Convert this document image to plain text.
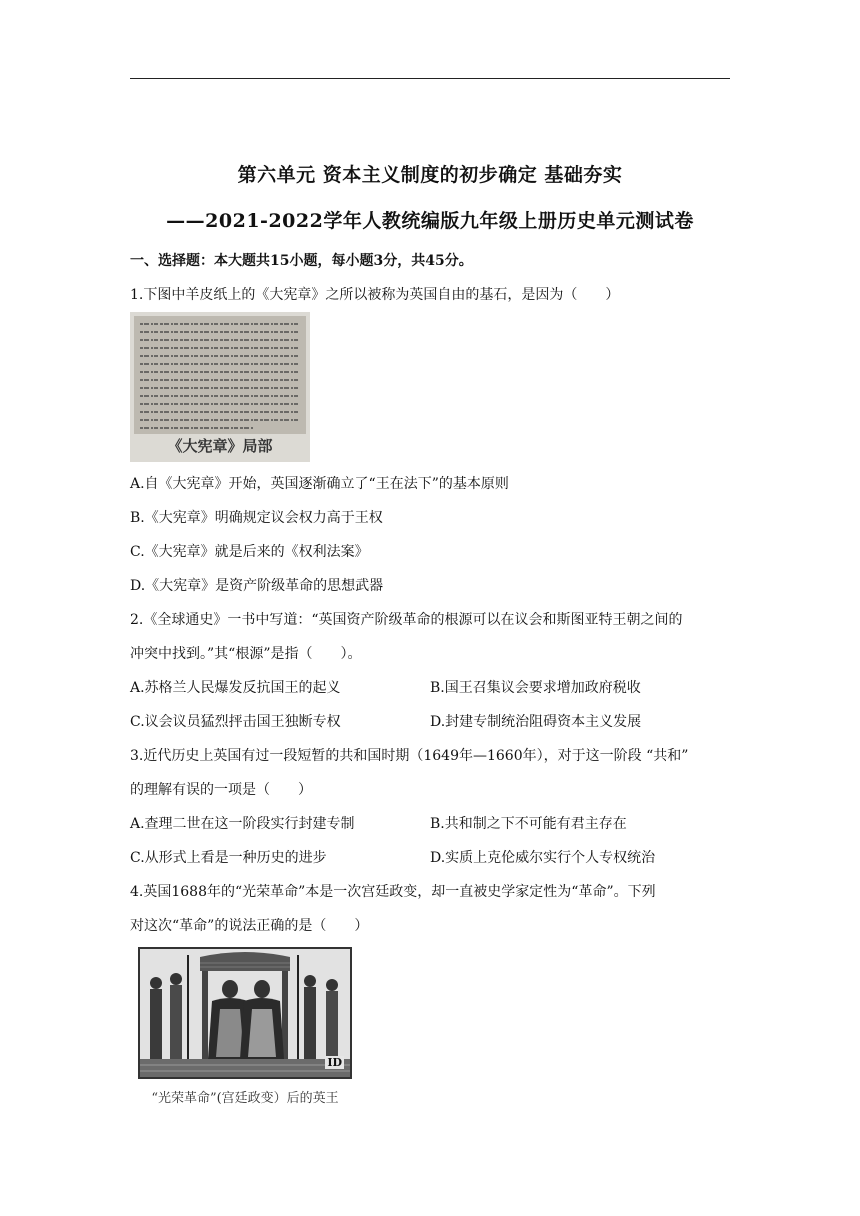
第六单元 资本主义制度的初步确定 基础夯实
——2021-2022学年人教统编版九年级上册历史单元测试卷
一、选择题：本大题共15小题，每小题3分，共45分。
1.下图中羊皮纸上的《大宪章》之所以被称为英国自由的基石，是因为（　　）
《大宪章》局部
A.自《大宪章》开始，英国逐渐确立了“王在法下”的基本原则
B.《大宪章》明确规定议会权力高于王权
C.《大宪章》就是后来的《权利法案》
D.《大宪章》是资产阶级革命的思想武器
2.《全球通史》一书中写道：“英国资产阶级革命的根源可以在议会和斯图亚特王朝之间的
冲突中找到。”其“根源”是指（　　）。
A.苏格兰人民爆发反抗国王的起义	B.国王召集议会要求增加政府税收
C.议会议员猛烈抨击国王独断专权	D.封建专制统治阻碍资本主义发展
3.近代历史上英国有过一段短暂的共和国时期（1649年—1660年），对于这一阶段 “共和”
的理解有误的一项是（　　）
A.查理二世在这一阶段实行封建专制	B.共和制之下不可能有君主存在
C.从形式上看是一种历史的进步	D.实质上克伦威尔实行个人专权统治
4.英国1688年的“光荣革命”本是一次宫廷政变，却一直被史学家定性为“革命”。下列
对这次“革命”的说法正确的是（　　）
ID
“光荣革命”(宫廷政变）后的英王
